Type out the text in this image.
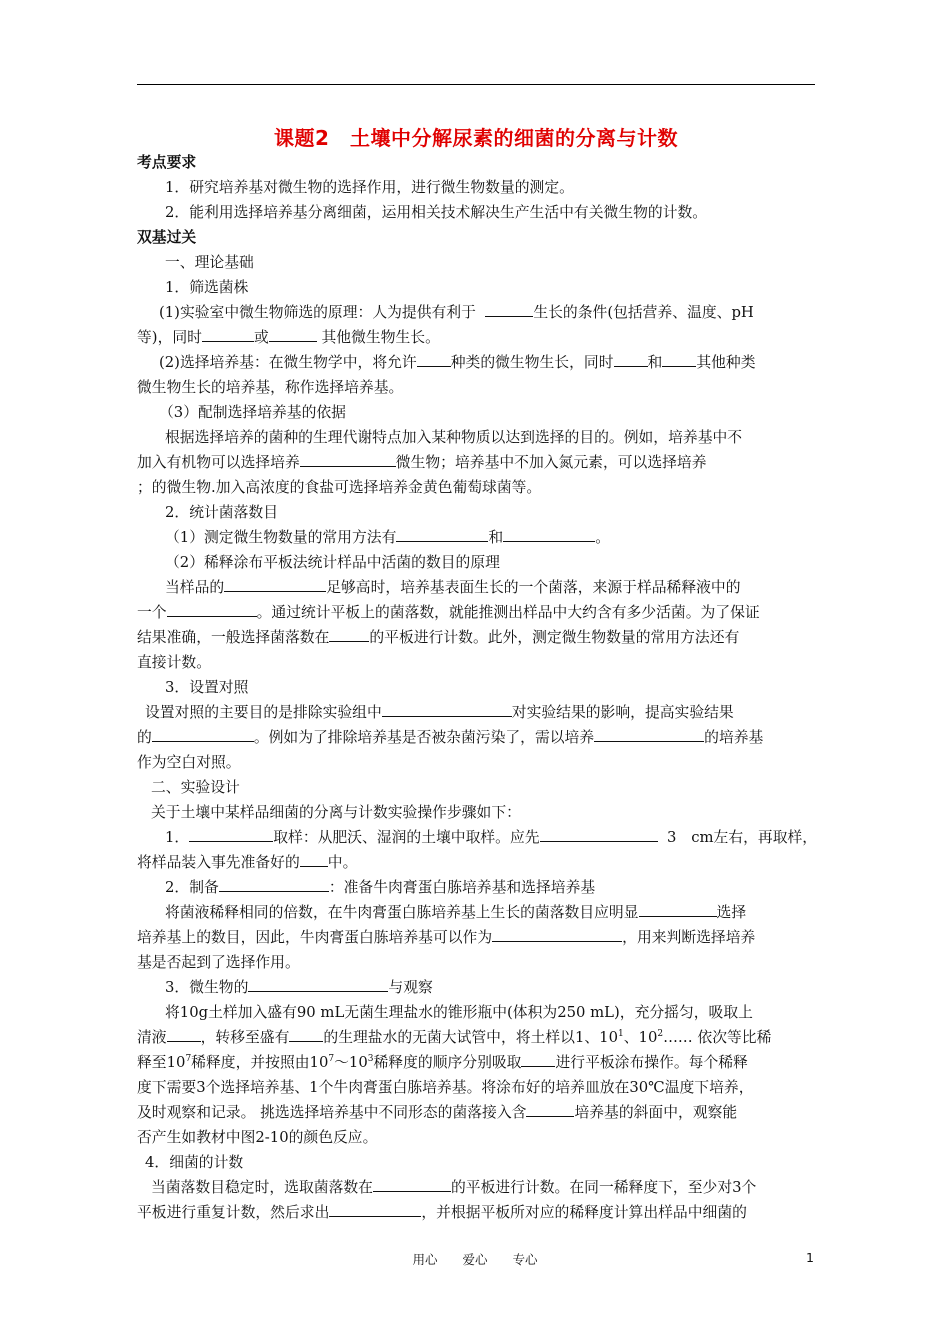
课题2　土壤中分解尿素的细菌的分离与计数
考点要求
1．研究培养基对微生物的选择作用，进行微生物数量的测定。
2．能利用选择培养基分离细菌，运用相关技术解决生产生活中有关微生物的计数。
双基过关
一、理论基础
1．筛选菌株
(1)实验室中微生物筛选的原理：人为提供有利于	生长的条件(包括营养、温度、pH
等)，同时	或	其他微生物生长。
(2)选择培养基：在微生物学中，将允许 种类的微生物生长，同时 和 其他种类
微生物生长的培养基，称作选择培养基。
（3）配制选择培养基的依据
根据选择培养的菌种的生理代谢特点加入某种物质以达到选择的目的。例如，培养基中不
加入有机物可以选择培养	微生物；培养基中不加入氮元素，可以选择培养
；的微生物.加入高浓度的食盐可选择培养金黄色葡萄球菌等。
2．统计菌落数目
（1）测定微生物数量的常用方法有	和	。
（2）稀释涂布平板法统计样品中活菌的数目的原理
当样品的	足够高时，培养基表面生长的一个菌落，来源于样品稀释液中的
一个	。通过统计平板上的菌落数，就能推测出样品中大约含有多少活菌。为了保证
结果准确，一般选择菌落数在	的平板进行计数。此外，测定微生物数量的常用方法还有
直接计数。
3．设置对照
设置对照的主要目的是排除实验组中	对实验结果的影响，提高实验结果
的	。例如为了排除培养基是否被杂菌污染了，需以培养	的培养基
作为空白对照。
二、实验设计
关于土壤中某样品细菌的分离与计数实验操作步骤如下：
1．	取样：从肥沃、湿润的土壤中取样。应先	3　cm左右，再取样，
将样品装入事先准备好的 中。
2．制备	：准备牛肉膏蛋白胨培养基和选择培养基
将菌液稀释相同的倍数，在牛肉膏蛋白胨培养基上生长的菌落数目应明显	选择
培养基上的数目，因此，牛肉膏蛋白胨培养基可以作为	，用来判断选择培养
基是否起到了选择作用。
3．微生物的	与观察
将10g土样加入盛有90 mL无菌生理盐水的锥形瓶中(体积为250 mL)，充分摇匀，吸取上
清液 ，转移至盛有 的生理盐水的无菌大试管中，将土样以1、$10^1$、$10^2\dots\dots$ 依次等比稀
释至$10^7$稀释度，并按照由$10^7\sim 10^3$稀释度的顺序分别吸取 进行平板涂布操作。每个稀释
度下需要3个选择培养基、1个牛肉膏蛋白胨培养基。将涂布好的培养皿放在30℃温度下培养，
及时观察和记录。 挑选选择培养基中不同形态的菌落接入含	培养基的斜面中，观察能
否产生如教材中图2-10的颜色反应。
4．细菌的计数
当菌落数目稳定时，选取菌落数在	的平板进行计数。在同一稀释度下，至少对3个
平板进行重复计数，然后求出	，并根据平板所对应的稀释度计算出样品中细菌的
用心　　爱心　　专心	1
